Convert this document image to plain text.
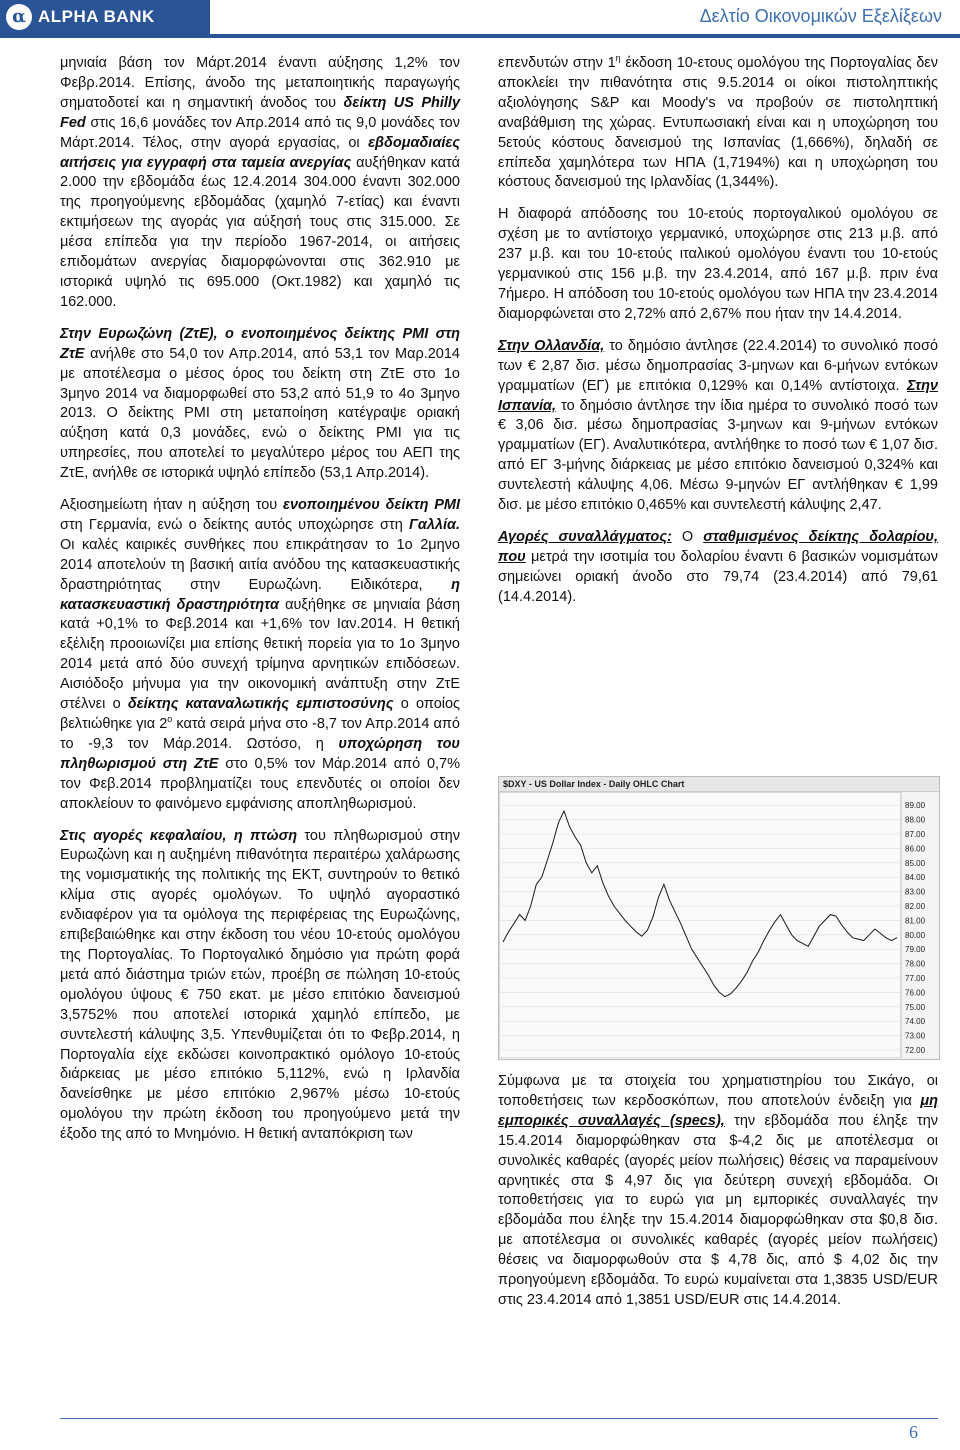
α ALPHA BANK	Δελτίο Οικονομικών Εξελίξεων

μηνιαία βάση τον Μάρτ.2014 έναντι αύξησης 1,2% τον Φεβρ.2014. Επίσης, άνοδο της μεταποιητικής παραγωγής σηματοδοτεί και η σημαντική άνοδος του δείκτη US Philly Fed στις 16,6 μονάδες τον Απρ.2014 από τις 9,0 μονάδες τον Μάρτ.2014. Τέλος, στην αγορά εργασίας, οι εβδομαδιαίες αιτήσεις για εγγραφή στα ταμεία ανεργίας αυξήθηκαν κατά 2.000 την εβδομάδα έως 12.4.2014 304.000 έναντι 302.000 της προηγούμενης εβδομάδας (χαμηλό 7-ετίας) και έναντι εκτιμήσεων της αγοράς για αύξησή τους στις 315.000. Σε μέσα επίπεδα για την περίοδο 1967-2014, οι αιτήσεις επιδομάτων ανεργίας διαμορφώνονται στις 362.910 με ιστορικά υψηλό τις 695.000 (Οκτ.1982) και χαμηλό τις 162.000.

Στην Ευρωζώνη (ΖτΕ), ο ενοποιημένος δείκτης PMI στη ΖτΕ ανήλθε στο 54,0 τον Απρ.2014, από 53,1 τον Μαρ.2014 με αποτέλεσμα ο μέσος όρος του δείκτη στη ΖτΕ στο 1ο 3μηνο 2014 να διαμορφωθεί στο 53,2 από 51,9 το 4ο 3μηνο 2013. Ο δείκτης PMI στη μεταποίηση κατέγραψε οριακή αύξηση κατά 0,3 μονάδες, ενώ ο δείκτης PMI για τις υπηρεσίες, που αποτελεί το μεγαλύτερο μέρος του ΑΕΠ της ΖτΕ, ανήλθε σε ιστορικά υψηλό επίπεδο (53,1 Απρ.2014).

Αξιοσημείωτη ήταν η αύξηση του ενοποιημένου δείκτη PMI στη Γερμανία, ενώ ο δείκτης αυτός υποχώρησε στη Γαλλία. Οι καλές καιρικές συνθήκες που επικράτησαν το 1ο 2μηνο 2014 αποτελούν τη βασική αιτία ανόδου της κατασκευαστικής δραστηριότητας στην Ευρωζώνη. Ειδικότερα, η κατασκευαστική δραστηριότητα αυξήθηκε σε μηνιαία βάση κατά +0,1% το Φεβ.2014 και +1,6% τον Ιαν.2014. Η θετική εξέλιξη προοιωνίζει μια επίσης θετική πορεία για το 1ο 3μηνο 2014 μετά από δύο συνεχή τρίμηνα αρνητικών επιδόσεων. Αισιόδοξο μήνυμα για την οικονομική ανάπτυξη στην ΖτΕ στέλνει ο δείκτης καταναλωτικής εμπιστοσύνης ο οποίος βελτιώθηκε για $2^o$ κατά σειρά μήνα στο -8,7 τον Απρ.2014 από το -9,3 τον Μάρ.2014. Ωστόσο, η υποχώρηση του πληθωρισμού στη ΖτΕ στο 0,5% τον Μάρ.2014 από 0,7% τον Φεβ.2014 προβληματίζει τους επενδυτές οι οποίοι δεν αποκλείουν το φαινόμενο εμφάνισης αποπληθωρισμού.

Στις αγορές κεφαλαίου, η πτώση του πληθωρισμού στην Ευρωζώνη και η αυξημένη πιθανότητα περαιτέρω χαλάρωσης της νομισματικής της πολιτικής της ΕΚΤ, συντηρούν το θετικό κλίμα στις αγορές ομολόγων. Το υψηλό αγοραστικό ενδιαφέρον για τα ομόλογα της περιφέρειας της Ευρωζώνης, επιβεβαιώθηκε και στην έκδοση του νέου 10-ετούς ομολόγου της Πορτογαλίας. Το Πορτογαλικό δημόσιο για πρώτη φορά μετά από διάστημα τριών ετών, προέβη σε πώληση 10-ετούς ομολόγου ύψους € 750 εκατ. με μέσο επιτόκιο δανεισμού 3,5752% που αποτελεί ιστορικά χαμηλό επίπεδο, με συντελεστή κάλυψης 3,5. Υπενθυμίζεται ότι το Φεβρ.2014, η Πορτογαλία είχε εκδώσει κοινοπρακτικό ομόλογο 10-ετούς διάρκειας με μέσο επιτόκιο 5,112%, ενώ η Ιρλανδία δανείσθηκε με μέσο επιτόκιο 2,967% μέσω 10-ετούς ομολόγου την πρώτη έκδοση του προηγούμενο μετά την έξοδο της από το Μνημόνιο. Η θετική ανταπόκριση των

επενδυτών στην $1^\eta$ έκδοση 10-ετους ομολόγου της Πορτογαλίας δεν αποκλείει την πιθανότητα στις 9.5.2014 οι οίκοι πιστοληπτικής αξιολόγησης S&P και Moody's να προβούν σε πιστοληπτική αναβάθμιση της χώρας. Εντυπωσιακή είναι και η υποχώρηση του 5ετούς κόστους δανεισμού της Ισπανίας (1,666%), δηλαδή σε επίπεδα χαμηλότερα των ΗΠΑ (1,7194%) και η υποχώρηση του κόστους δανεισμού της Ιρλανδίας (1,344%).

Η διαφορά απόδοσης του 10-ετούς πορτογαλικού ομολόγου σε σχέση με το αντίστοιχο γερμανικό, υποχώρησε στις 213 μ.β. από 237 μ.β. και του 10-ετούς ιταλικού ομολόγου έναντι του 10-ετούς γερμανικού στις 156 μ.β. την 23.4.2014, από 167 μ.β. πριν ένα 7ήμερο. Η απόδοση του 10-ετούς ομολόγου των ΗΠΑ την 23.4.2014 διαμορφώνεται στο 2,72% από 2,67% που ήταν την 14.4.2014.

Στην Ολλανδία, το δημόσιο άντλησε (22.4.2014) το συνολικό ποσό των € 2,87 δισ. μέσω δημοπρασίας 3-μηνων και 6-μήνων εντόκων γραμματίων (ΕΓ) με επιτόκια 0,129% και 0,14% αντίστοιχα. Στην Ισπανία, το δημόσιο άντλησε την ίδια ημέρα το συνολικό ποσό των € 3,06 δισ. μέσω δημοπρασίας 3-μηνων και 9-μήνων εντόκων γραμματίων (ΕΓ). Αναλυτικότερα, αντλήθηκε το ποσό των € 1,07 δισ. από ΕΓ 3-μήνης διάρκειας με μέσο επιτόκιο δανεισμού 0,324% και συντελεστή κάλυψης 4,06. Μέσω 9-μηνών ΕΓ αντλήθηκαν € 1,99 δισ. με μέσο επιτόκιο 0,465% και συντελεστή κάλυψης 2,47.

Αγορές συναλλάγματος: Ο σταθμισμένος δείκτης δολαρίου, που μετρά την ισοτιμία του δολαρίου έναντι 6 βασικών νομισμάτων σημειώνει οριακή άνοδο στο 79,74 (23.4.2014) από 79,61 (14.4.2014).

$DXY - US Dollar Index - Daily OHLC Chart
89.00
88.00
87.00
86.00
85.00
84.00
83.00
82.00
81.00
80.00
79.00
78.00
77.00
76.00
75.00
74.00
73.00
72.00

Σύμφωνα με τα στοιχεία του χρηματιστηρίου του Σικάγο, οι τοποθετήσεις των κερδοσκόπων, που αποτελούν ένδειξη για μη εμπορικές συναλλαγές (specs), την εβδομάδα που έληξε την 15.4.2014 διαμορφώθηκαν στα $-4,2 δις με αποτέλεσμα οι συνολικές καθαρές (αγορές μείον πωλήσεις) θέσεις να παραμείνουν αρνητικές στα $ 4,97 δις για δεύτερη συνεχή εβδομάδα. Οι τοποθετήσεις για το ευρώ για μη εμπορικές συναλλαγές την εβδομάδα που έληξε την 15.4.2014 διαμορφώθηκαν στα $0,8 δισ. με αποτέλεσμα οι συνολικές καθαρές (αγορές μείον πωλήσεις) θέσεις να διαμορφωθούν στα $ 4,78 δις, από $ 4,02 δις την προηγούμενη εβδομάδα. Το ευρώ κυμαίνεται στα 1,3835 USD/EUR στις 23.4.2014 από 1,3851 USD/EUR στις 14.4.2014.

6
